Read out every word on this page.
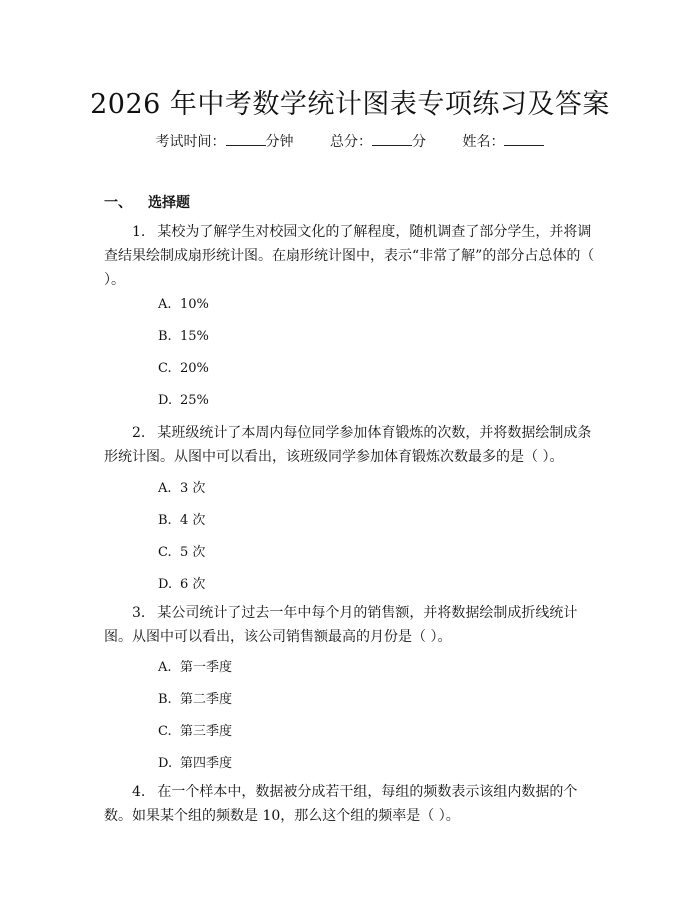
2026 年中考数学统计图表专项练习及答案
考试时间：	分钟	总分：	分	姓名：
一、 选择题
1. 某校为了解学生对校园文化的了解程度，随机调查了部分学生，并将调查结果绘制成扇形统计图。在扇形统计图中，表示“非常了解”的部分占总体的（ ）。
A. 10%
B. 15%
C. 20%
D. 25%
2. 某班级统计了本周内每位同学参加体育锻炼的次数，并将数据绘制成条形统计图。从图中可以看出，该班级同学参加体育锻炼次数最多的是（ ）。
A. 3 次
B. 4 次
C. 5 次
D. 6 次
3. 某公司统计了过去一年中每个月的销售额，并将数据绘制成折线统计图。从图中可以看出，该公司销售额最高的月份是（ ）。
A. 第一季度
B. 第二季度
C. 第三季度
D. 第四季度
4. 在一个样本中，数据被分成若干组，每组的频数表示该组内数据的个数。如果某个组的频数是 10，那么这个组的频率是（ ）。
